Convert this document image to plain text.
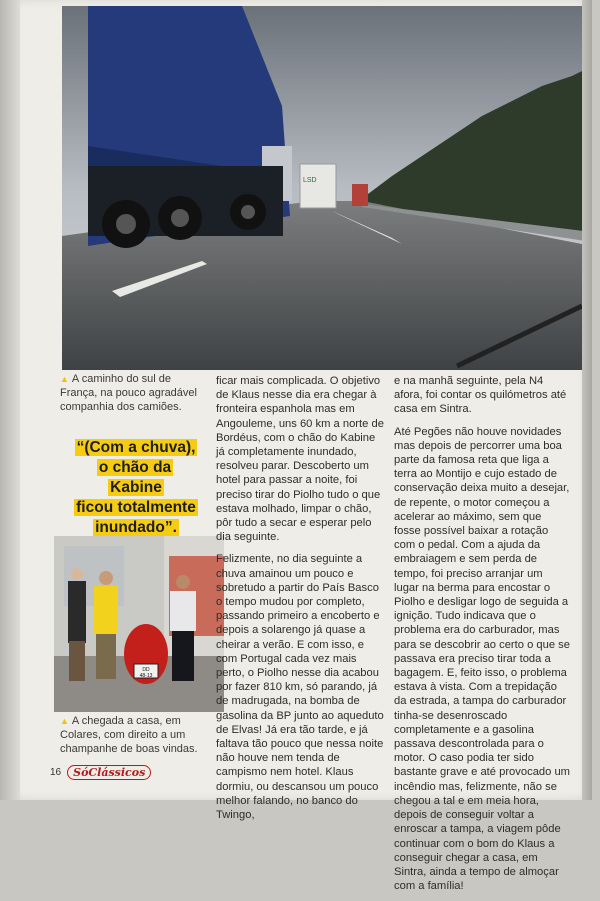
LSD
▲ A caminho do sul de França, na pouco agradável companhia dos camiões.
“(Com a chuva),
o chão da Kabine
ficou totalmente
inundado”.
DD
48-13
▲ A chegada a casa, em Colares, com direito a um champanhe de boas vindas.

ficar mais complicada. O objetivo de Klaus nesse dia era chegar à fronteira espanhola mas em Angouleme, uns 60 km a norte de Bordéus, com o chão do Kabine já completamente inundado, resolveu parar. Descoberto um hotel para passar a noite, foi preciso tirar do Piolho tudo o que estava molhado, limpar o chão, pôr tudo a secar e esperar pelo dia seguinte.

Felizmente, no dia seguinte a chuva amainou um pouco e sobretudo a partir do País Basco o tempo mudou por completo, passando primeiro a encoberto e depois a solarengo já quase a cheirar a verão. E com isso, e com Portugal cada vez mais perto, o Piolho nesse dia acabou por fazer 810 km, só parando, já de madrugada, na bomba de gasolina da BP junto ao aqueduto de Elvas! Já era tão tarde, e já faltava tão pouco que nessa noite não houve nem tenda de campismo nem hotel. Klaus dormiu, ou descansou um pouco melhor falando, no banco do Twingo,

e na manhã seguinte, pela N4 afora, foi contar os quilómetros até casa em Sintra.

Até Pegões não houve novidades mas depois de percorrer uma boa parte da famosa reta que liga a terra ao Montijo e cujo estado de conservação deixa muito a desejar, de repente, o motor começou a acelerar ao máximo, sem que fosse possível baixar a rotação com o pedal. Com a ajuda da embraiagem e sem perda de tempo, foi preciso arranjar um lugar na berma para encostar o Piolho e desligar logo de seguida a ignição. Tudo indicava que o problema era do carburador, mas para se descobrir ao certo o que se passava era preciso tirar toda a bagagem. E, feito isso, o problema estava à vista. Com a trepidação da estrada, a tampa do carburador tinha-se desenroscado completamente e a gasolina passava descontrolada para o motor. O caso podia ter sido bastante grave e até provocado um incêndio mas, felizmente, não se chegou a tal e em meia hora, depois de conseguir voltar a enroscar a tampa, a viagem pôde continuar com o bom do Klaus a conseguir chegar a casa, em Sintra, ainda a tempo de almoçar com a família!

16	SóClássicos
